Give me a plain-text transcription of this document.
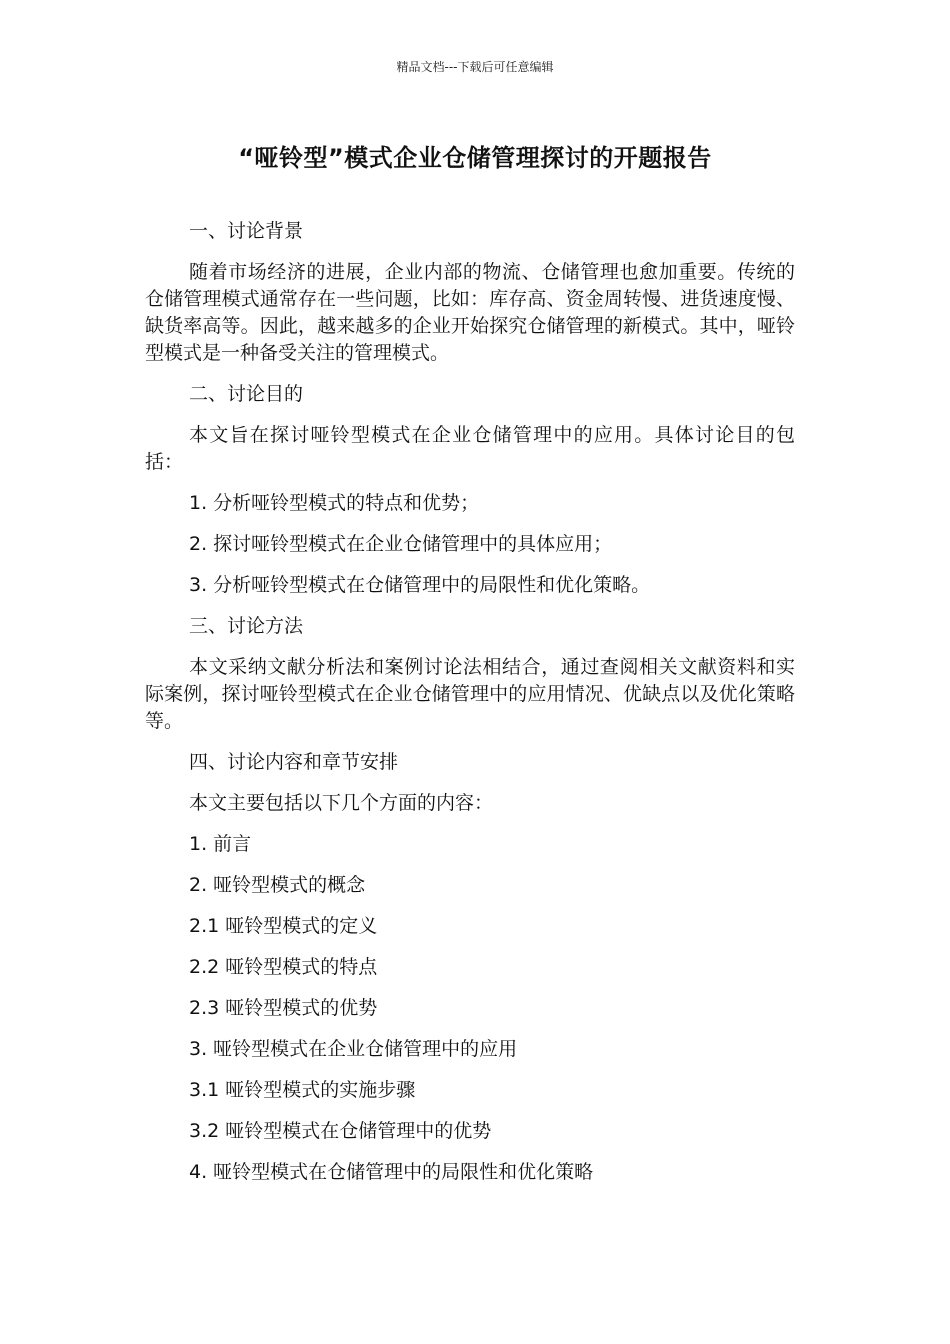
精品文档---下载后可任意编辑
“哑铃型”模式企业仓储管理探讨的开题报告

一、讨论背景

随着市场经济的进展，企业内部的物流、仓储管理也愈加重要。传统的仓储管理模式通常存在一些问题，比如：库存高、资金周转慢、进货速度慢、缺货率高等。因此，越来越多的企业开始探究仓储管理的新模式。其中，哑铃型模式是一种备受关注的管理模式。

二、讨论目的

本文旨在探讨哑铃型模式在企业仓储管理中的应用。具体讨论目的包括：

1. 分析哑铃型模式的特点和优势；

2. 探讨哑铃型模式在企业仓储管理中的具体应用；

3. 分析哑铃型模式在仓储管理中的局限性和优化策略。

三、讨论方法

本文采纳文献分析法和案例讨论法相结合，通过查阅相关文献资料和实际案例，探讨哑铃型模式在企业仓储管理中的应用情况、优缺点以及优化策略等。

四、讨论内容和章节安排

本文主要包括以下几个方面的内容：

1. 前言

2. 哑铃型模式的概念

2.1 哑铃型模式的定义

2.2 哑铃型模式的特点

2.3 哑铃型模式的优势

3. 哑铃型模式在企业仓储管理中的应用

3.1 哑铃型模式的实施步骤

3.2 哑铃型模式在仓储管理中的优势

4. 哑铃型模式在仓储管理中的局限性和优化策略
